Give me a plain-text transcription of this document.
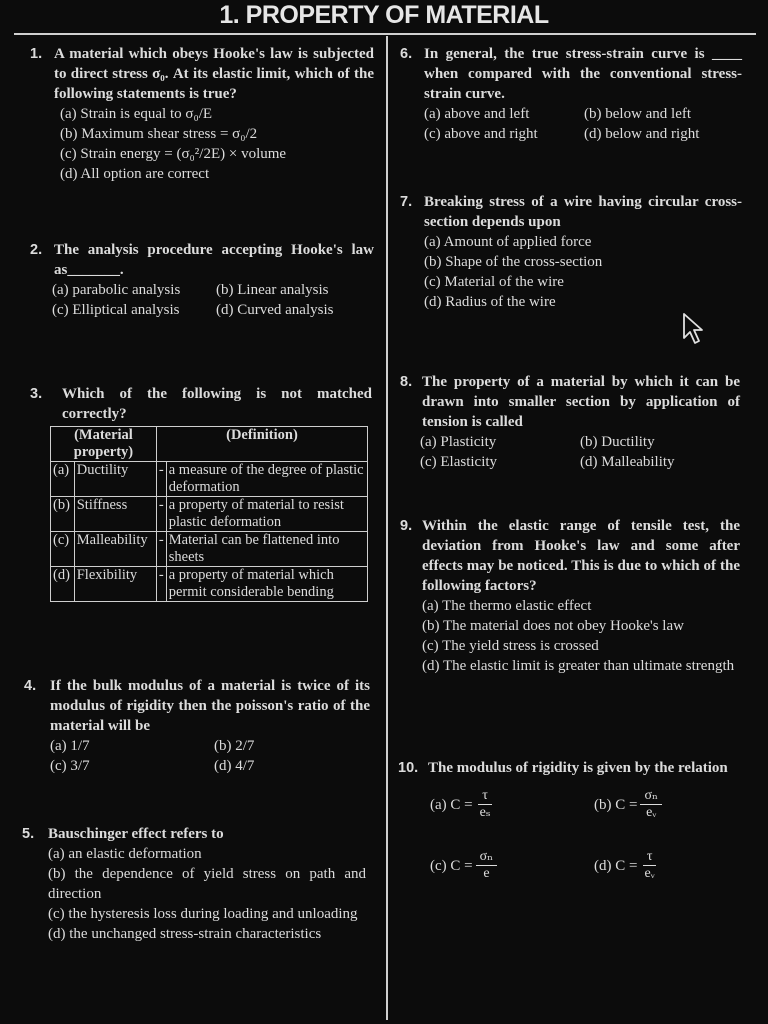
1. PROPERTY OF MATERIAL
1. A material which obeys Hooke's law is subjected to direct stress σ₀. At its elastic limit, which of the following statements is true?
(a) Strain is equal to σ₀/E
(b) Maximum shear stress = σ₀/2
(c) Strain energy = (σ₀²/2E) × volume
(d) All option are correct
2. The analysis procedure accepting Hooke's law as_______.
(a) parabolic analysis	(b) Linear analysis
(c) Elliptical analysis	(d) Curved analysis
3.	Which of the following is not matched correctly?
(Material property)		(Definition)	
(a)	Ductility	-	a measure of the degree of plastic deformation
(b)	Stiffness	-	a property of material to resist plastic deformation
(c)	Malleability	-	Material can be flattened into sheets
(d)	Flexibility	-	a property of material which permit considerable bending
4. If the bulk modulus of a material is twice of its modulus of rigidity then the poisson's ratio of the material will be
(a) 1/7	(b) 2/7
(c) 3/7	(d) 4/7
5. Bauschinger effect refers to
(a) an elastic deformation
(b) the dependence of yield stress on path and direction
(c) the hysteresis loss during loading and unloading
(d) the unchanged stress-strain characteristics
6. In general, the true stress-strain curve is ____ when compared with the conventional stress-strain curve.
(a) above and left	(b) below and left
(c) above and right	(d) below and right
7. Breaking stress of a wire having circular cross-section depends upon
(a) Amount of applied force
(b) Shape of the cross-section
(c) Material of the wire
(d) Radius of the wire
8. The property of a material by which it can be drawn into smaller section by application of tension is called
(a) Plasticity	(b) Ductility
(c) Elasticity	(d) Malleability
9. Within the elastic range of tensile test, the deviation from Hooke's law and some after effects may be noticed. This is due to which of the following factors?
(a) The thermo elastic effect
(b) The material does not obey Hooke's law
(c) The yield stress is crossed
(d) The elastic limit is greater than ultimate strength
10. The modulus of rigidity is given by the relation
(a) $C = \frac{\tau}{\text{eₛ}}$	(b) $C = \frac{\text{σₙ}}{\text{eᵥ}}$
(c) $C = \frac{\text{σₙ}}{e}$	(d) $C = \frac{\tau}{\text{eᵥ}}$
